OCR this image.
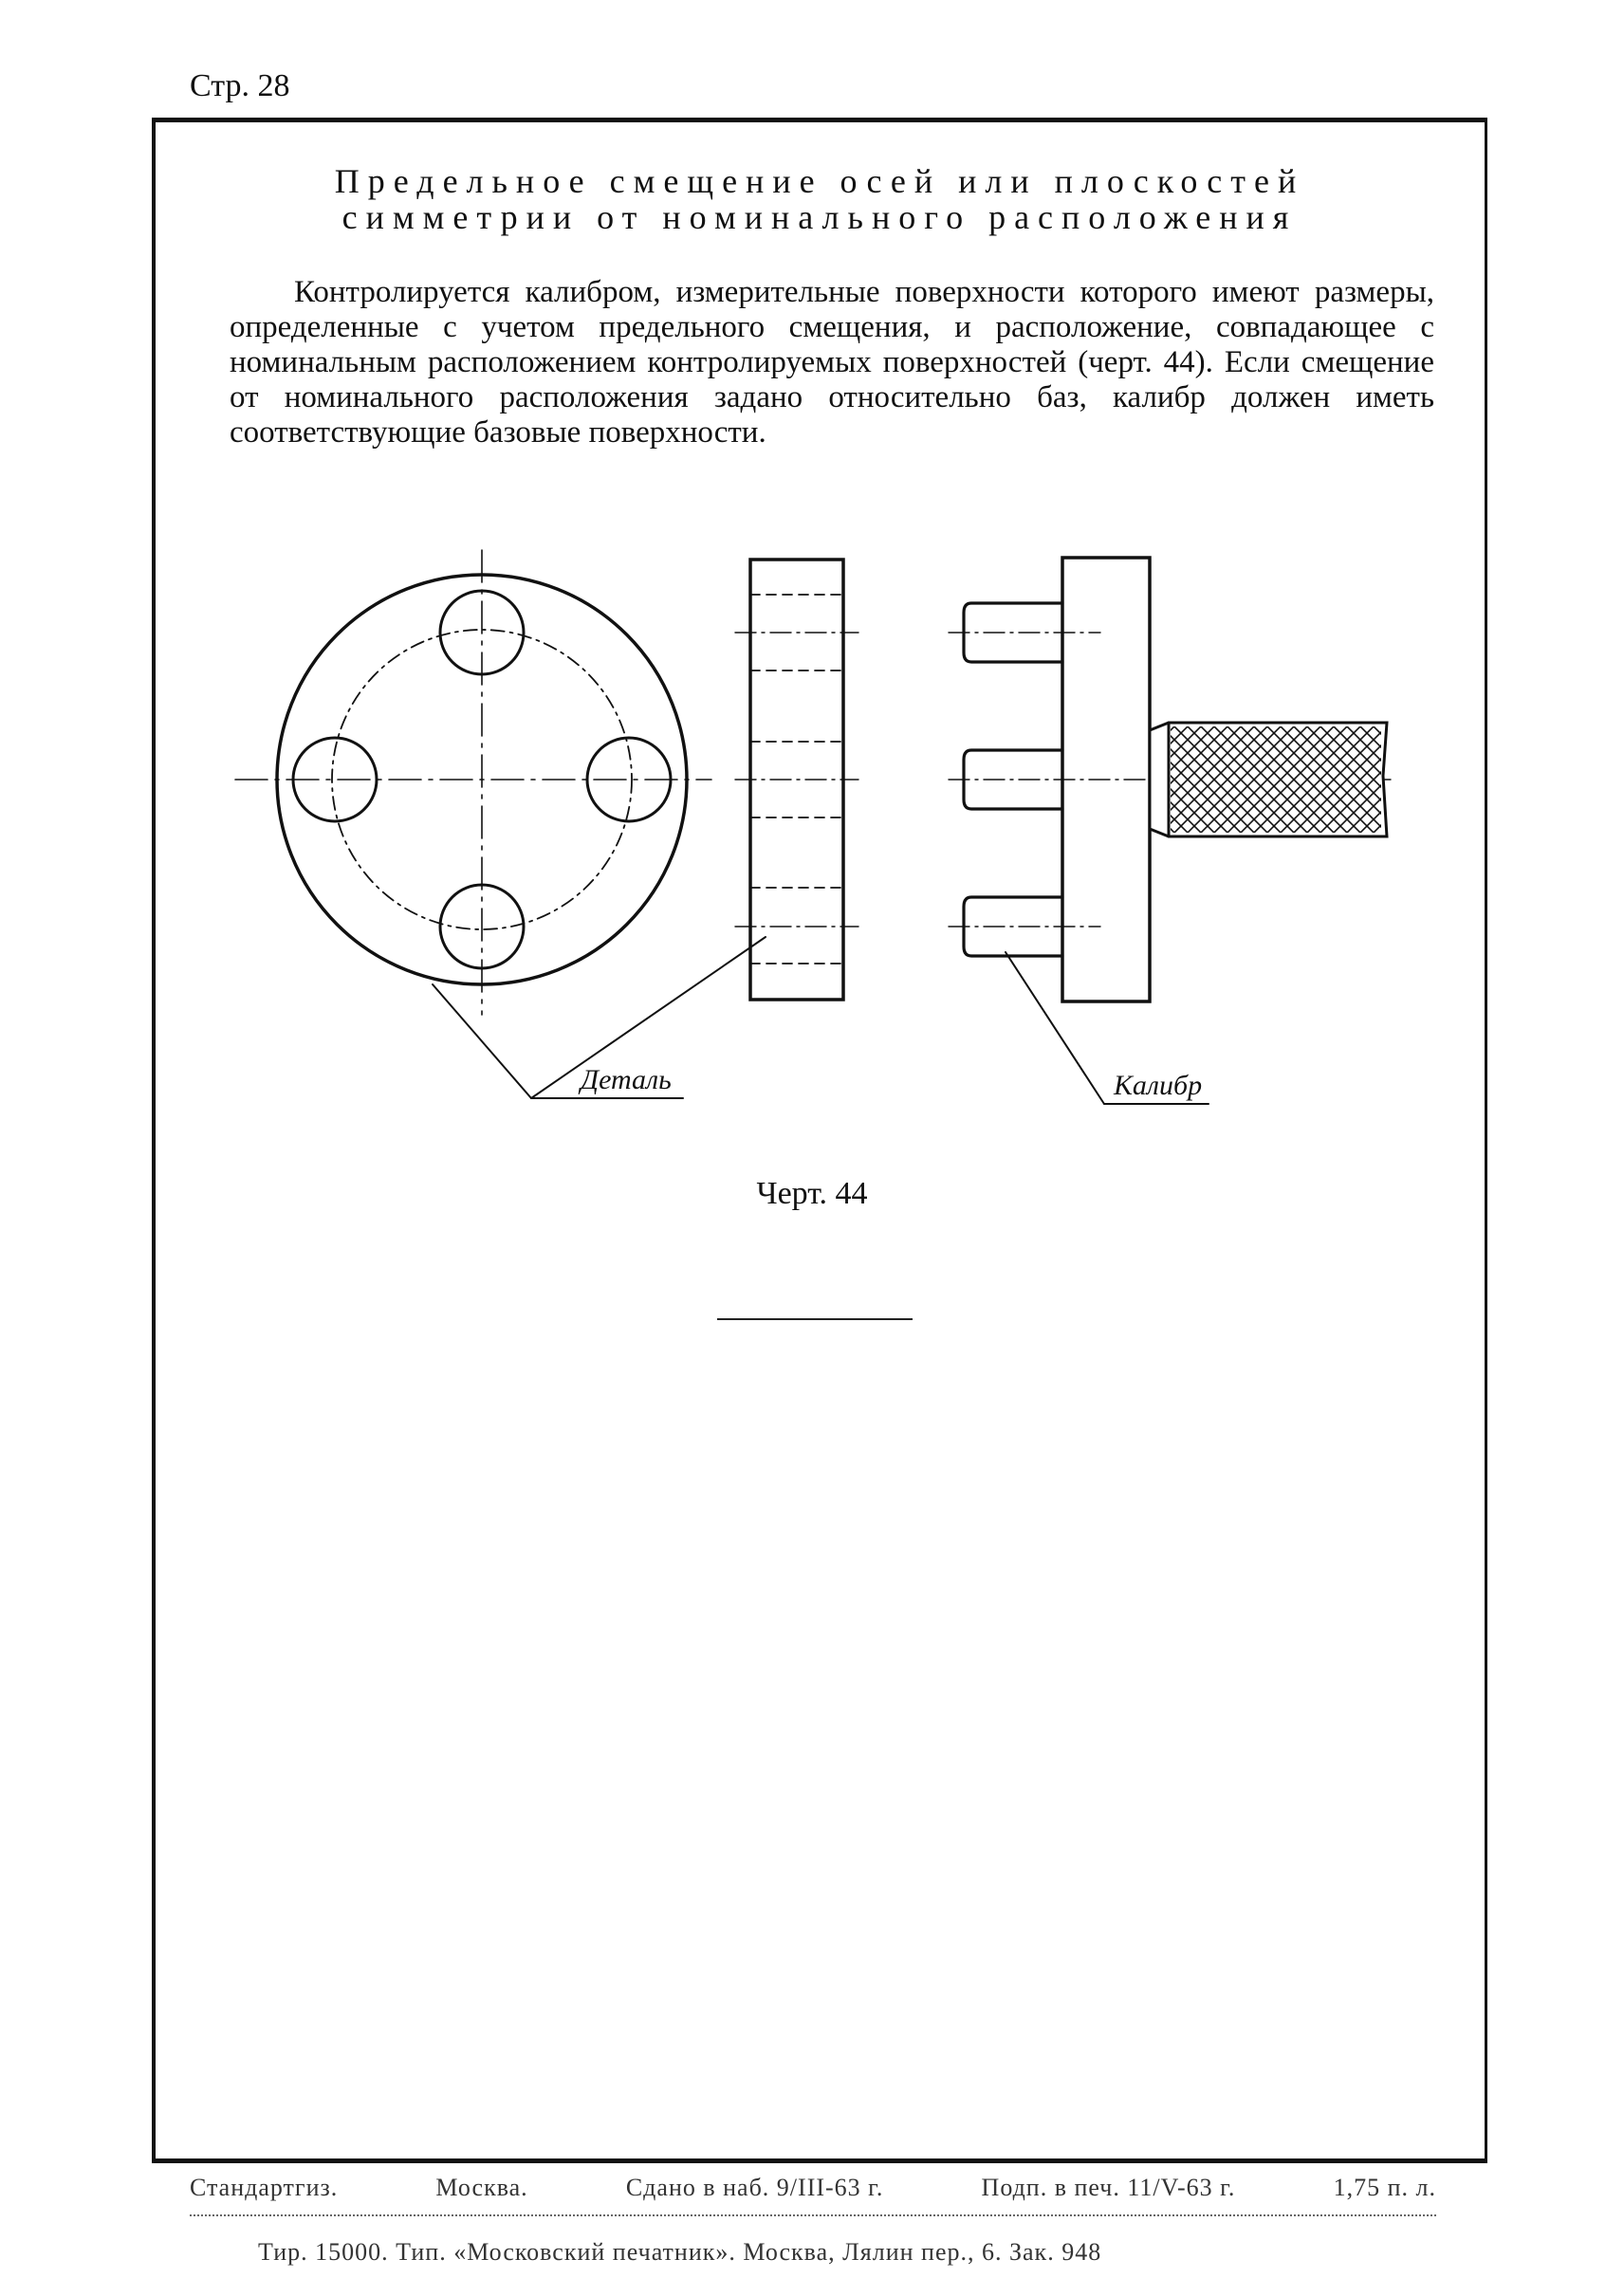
Стр. 28
Предельное смещение осей или плоскостей
симметрии от номинального расположения
Контролируется калибром, измерительные поверхности которого имеют размеры, определенные с учетом предельного смещения, и расположение, совпадающее с номинальным расположением контролируемых поверхностей (черт. 44). Если смещение от номинального расположения задано относительно баз, калибр должен иметь соответствующие базовые поверхности.
Деталь	Калибр
Черт. 44
Стандартгиз.	Москва.	Сдано в наб. 9/III-63 г.	Подп. в печ. 11/V-63 г.	1,75 п. л.
Тир. 15000. Тип. «Московский печатник». Москва, Лялин пер., 6. Зак. 948
